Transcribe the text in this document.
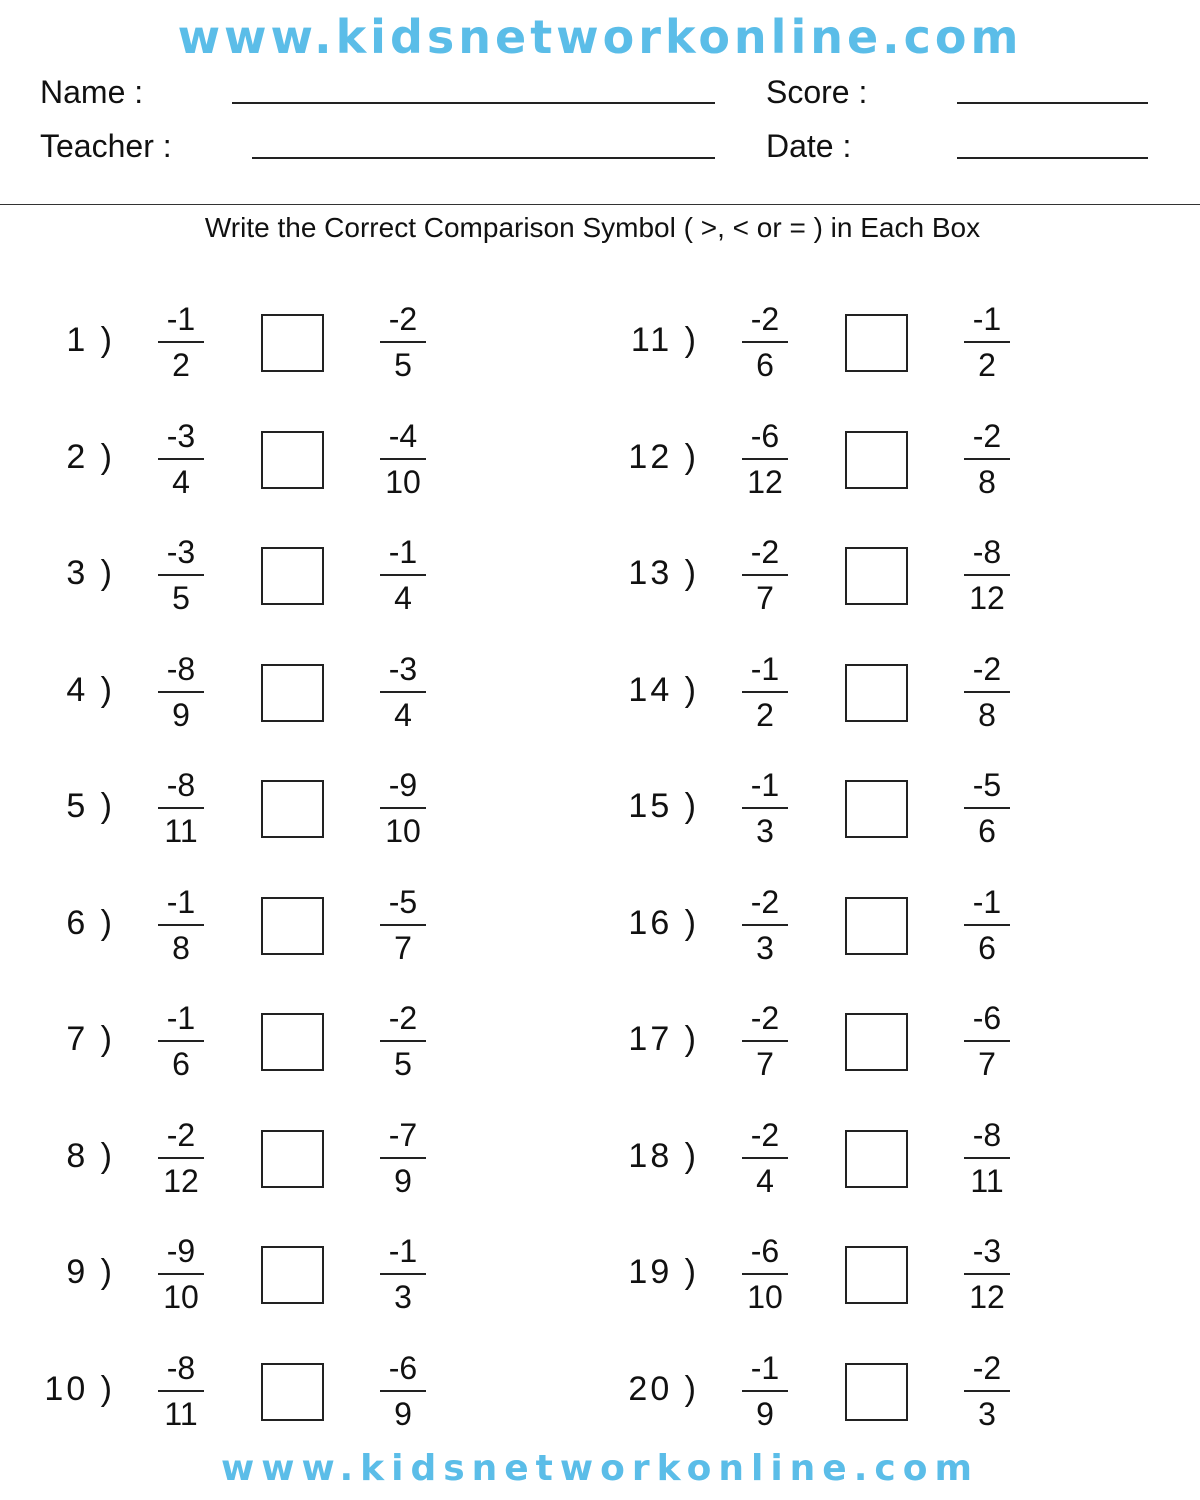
www.kidsnetworkonline.com
Name :
Teacher :
Score :
Date :
Write the Correct Comparison Symbol ( >, < or = ) in Each Box
1 )
-1
2
-2
5
2 )
-3
4
-4
10
3 )
-3
5
-1
4
4 )
-8
9
-3
4
5 )
-8
11
-9
10
6 )
-1
8
-5
7
7 )
-1
6
-2
5
8 )
-2
12
-7
9
9 )
-9
10
-1
3
10 )
-8
11
-6
9
11 )
-2
6
-1
2
12 )
-6
12
-2
8
13 )
-2
7
-8
12
14 )
-1
2
-2
8
15 )
-1
3
-5
6
16 )
-2
3
-1
6
17 )
-2
7
-6
7
18 )
-2
4
-8
11
19 )
-6
10
-3
12
20 )
-1
9
-2
3
www.kidsnetworkonline.com
